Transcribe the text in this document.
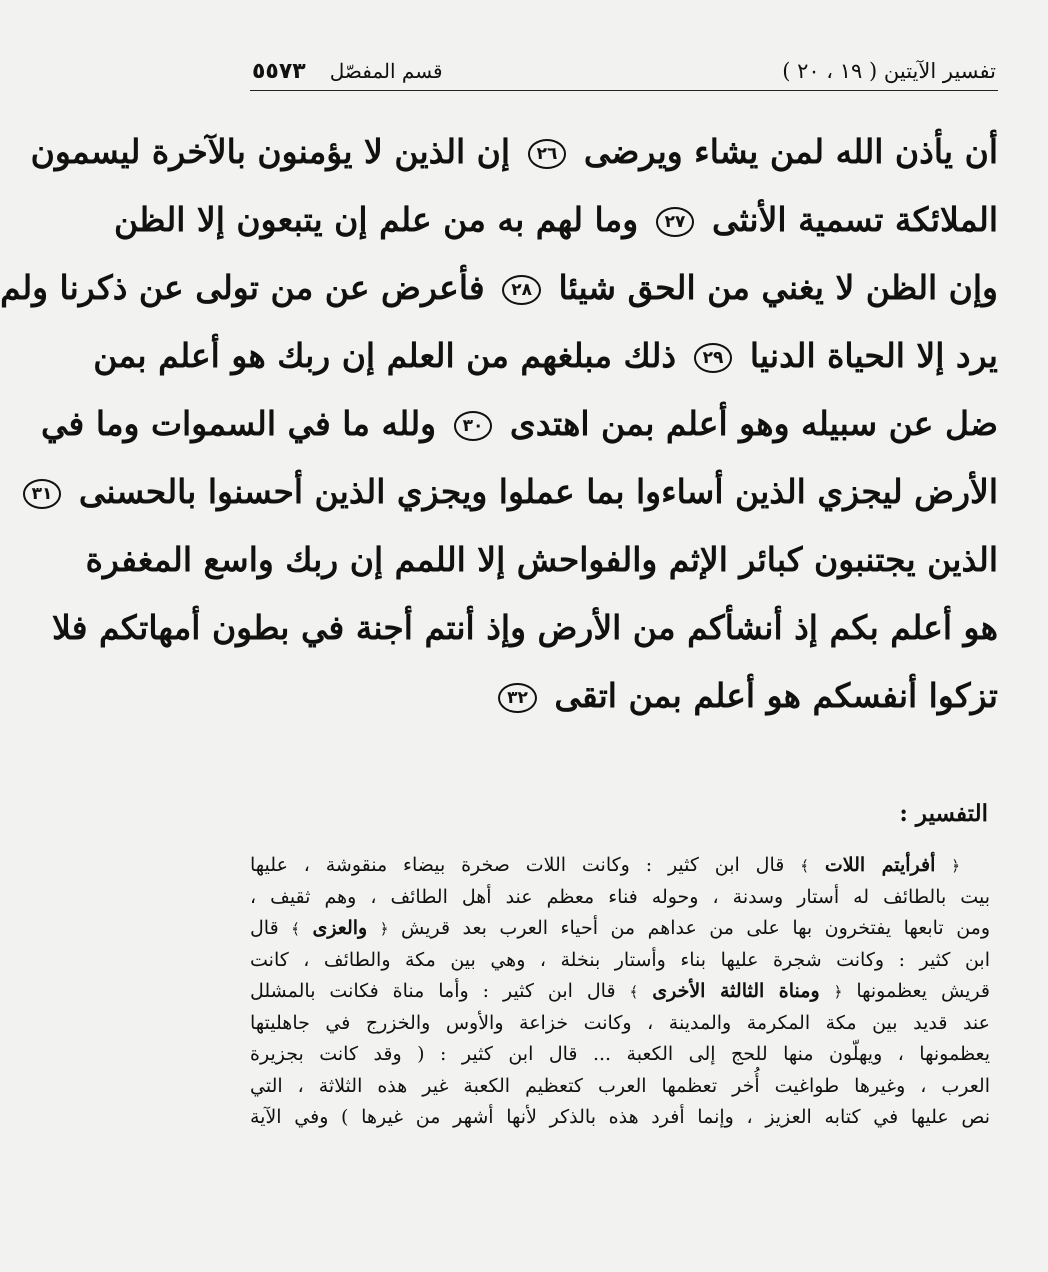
تفسير الآيتين ( ١٩ ، ٢٠ )
قسم المفصّل
٥٥٧٣
أن يأذن الله لمن يشاء ويرضى ٢٦ إن الذين لا يؤمنون بالآخرة ليسمون
الملائكة تسمية الأنثى ٢٧ وما لهم به من علم إن يتبعون إلا الظن
وإن الظن لا يغني من الحق شيئا ٢٨ فأعرض عن من تولى عن ذكرنا ولم
يرد إلا الحياة الدنيا ٢٩ ذلك مبلغهم من العلم إن ربك هو أعلم بمن
ضل عن سبيله وهو أعلم بمن اهتدى ٣٠ ولله ما في السموات وما في
الأرض ليجزي الذين أساءوا بما عملوا ويجزي الذين أحسنوا بالحسنى ٣١
الذين يجتنبون كبائر الإثم والفواحش إلا اللمم إن ربك واسع المغفرة
هو أعلم بكم إذ أنشأكم من الأرض وإذ أنتم أجنة في بطون أمهاتكم فلا
تزكوا أنفسكم هو أعلم بمن اتقى ٣٢
التفسير :
﴿ أفرأيتم اللات ﴾ قال ابن كثير : وكانت اللات صخرة بيضاء منقوشة ، عليها
بيت بالطائف له أستار وسدنة ، وحوله فناء معظم عند أهل الطائف ، وهم ثقيف ،
ومن تابعها يفتخرون بها على من عداهم من أحياء العرب بعد قريش ﴿ والعزى ﴾ قال
ابن كثير : وكانت شجرة عليها بناء وأستار بنخلة ، وهي بين مكة والطائف ، كانت
قريش يعظمونها ﴿ ومناة الثالثة الأخرى ﴾ قال ابن كثير : وأما مناة فكانت بالمشلل
عند قديد بين مكة المكرمة والمدينة ، وكانت خزاعة والأوس والخزرج في جاهليتها
يعظمونها ، ويهلّون منها للحج إلى الكعبة ... قال ابن كثير : ( وقد كانت بجزيرة
العرب ، وغيرها طواغيت أُخر تعظمها العرب كتعظيم الكعبة غير هذه الثلاثة ، التي
نص عليها في كتابه العزيز ، وإنما أفرد هذه بالذكر لأنها أشهر من غيرها ) وفي الآية
